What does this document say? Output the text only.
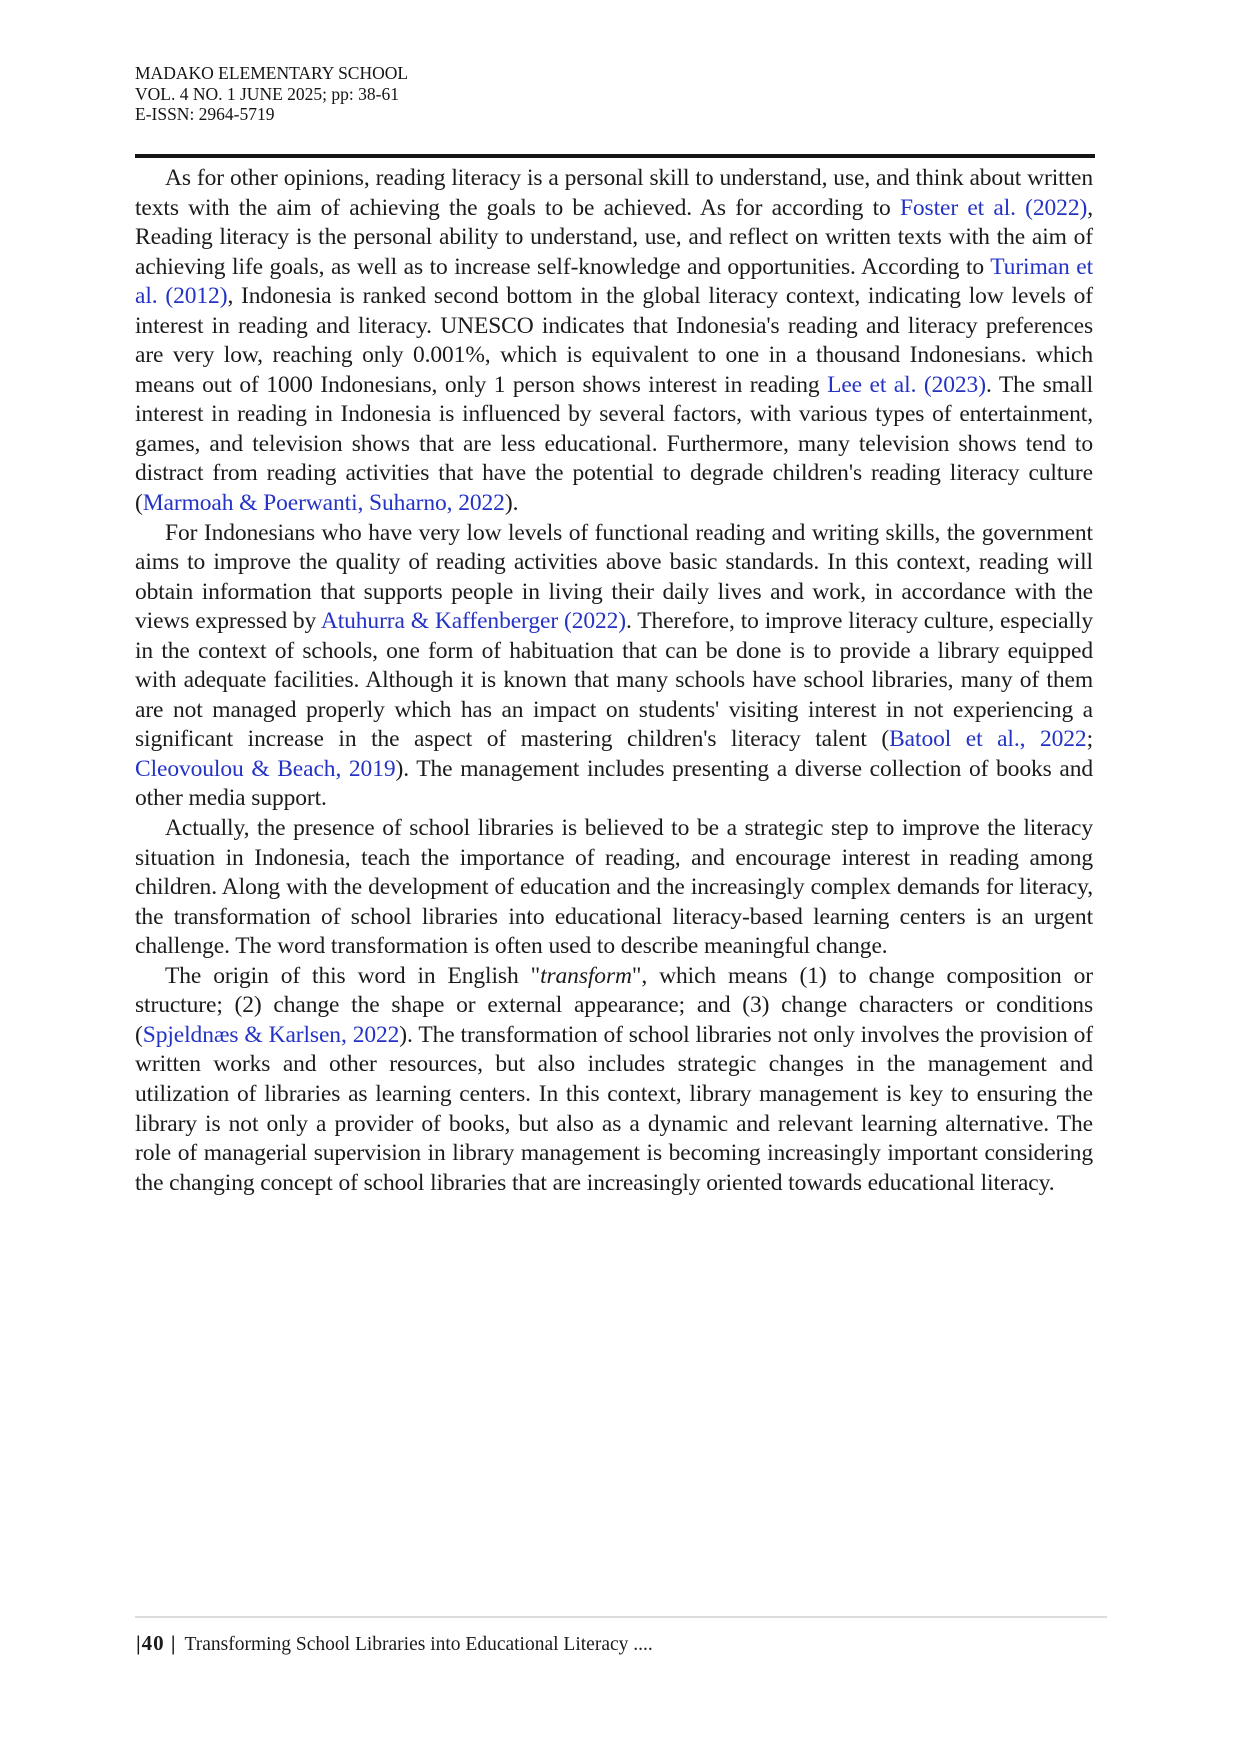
MADAKO ELEMENTARY SCHOOL
VOL. 4 NO. 1 JUNE 2025; pp: 38-61
E-ISSN: 2964-5719

As for other opinions, reading literacy is a personal skill to understand, use, and think about written texts with the aim of achieving the goals to be achieved. As for according to Foster et al. (2022), Reading literacy is the personal ability to understand, use, and reflect on written texts with the aim of achieving life goals, as well as to increase self-knowledge and opportunities. According to Turiman et al. (2012), Indonesia is ranked second bottom in the global literacy context, indicating low levels of interest in reading and literacy. UNESCO indicates that Indonesia's reading and literacy preferences are very low, reaching only 0.001%, which is equivalent to one in a thousand Indonesians. which means out of 1000 Indonesians, only 1 person shows interest in reading Lee et al. (2023). The small interest in reading in Indonesia is influenced by several factors, with various types of entertainment, games, and television shows that are less educational. Furthermore, many television shows tend to distract from reading activities that have the potential to degrade children's reading literacy culture (Marmoah & Poerwanti, Suharno, 2022).

For Indonesians who have very low levels of functional reading and writing skills, the government aims to improve the quality of reading activities above basic standards. In this context, reading will obtain information that supports people in living their daily lives and work, in accordance with the views expressed by Atuhurra & Kaffenberger (2022). Therefore, to improve literacy culture, especially in the context of schools, one form of habituation that can be done is to provide a library equipped with adequate facilities. Although it is known that many schools have school libraries, many of them are not managed properly which has an impact on students' visiting interest in not experiencing a significant increase in the aspect of mastering children's literacy talent (Batool et al., 2022; Cleovoulou & Beach, 2019). The management includes presenting a diverse collection of books and other media support.

Actually, the presence of school libraries is believed to be a strategic step to improve the literacy situation in Indonesia, teach the importance of reading, and encourage interest in reading among children. Along with the development of education and the increasingly complex demands for literacy, the transformation of school libraries into educational literacy-based learning centers is an urgent challenge. The word transformation is often used to describe meaningful change.

The origin of this word in English "transform", which means (1) to change composition or structure; (2) change the shape or external appearance; and (3) change characters or conditions (Spjeldnæs & Karlsen, 2022). The transformation of school libraries not only involves the provision of written works and other resources, but also includes strategic changes in the management and utilization of libraries as learning centers. In this context, library management is key to ensuring the library is not only a provider of books, but also as a dynamic and relevant learning alternative. The role of managerial supervision in library management is becoming increasingly important considering the changing concept of school libraries that are increasingly oriented towards educational literacy.

|40 | Transforming School Libraries into Educational Literacy ....
